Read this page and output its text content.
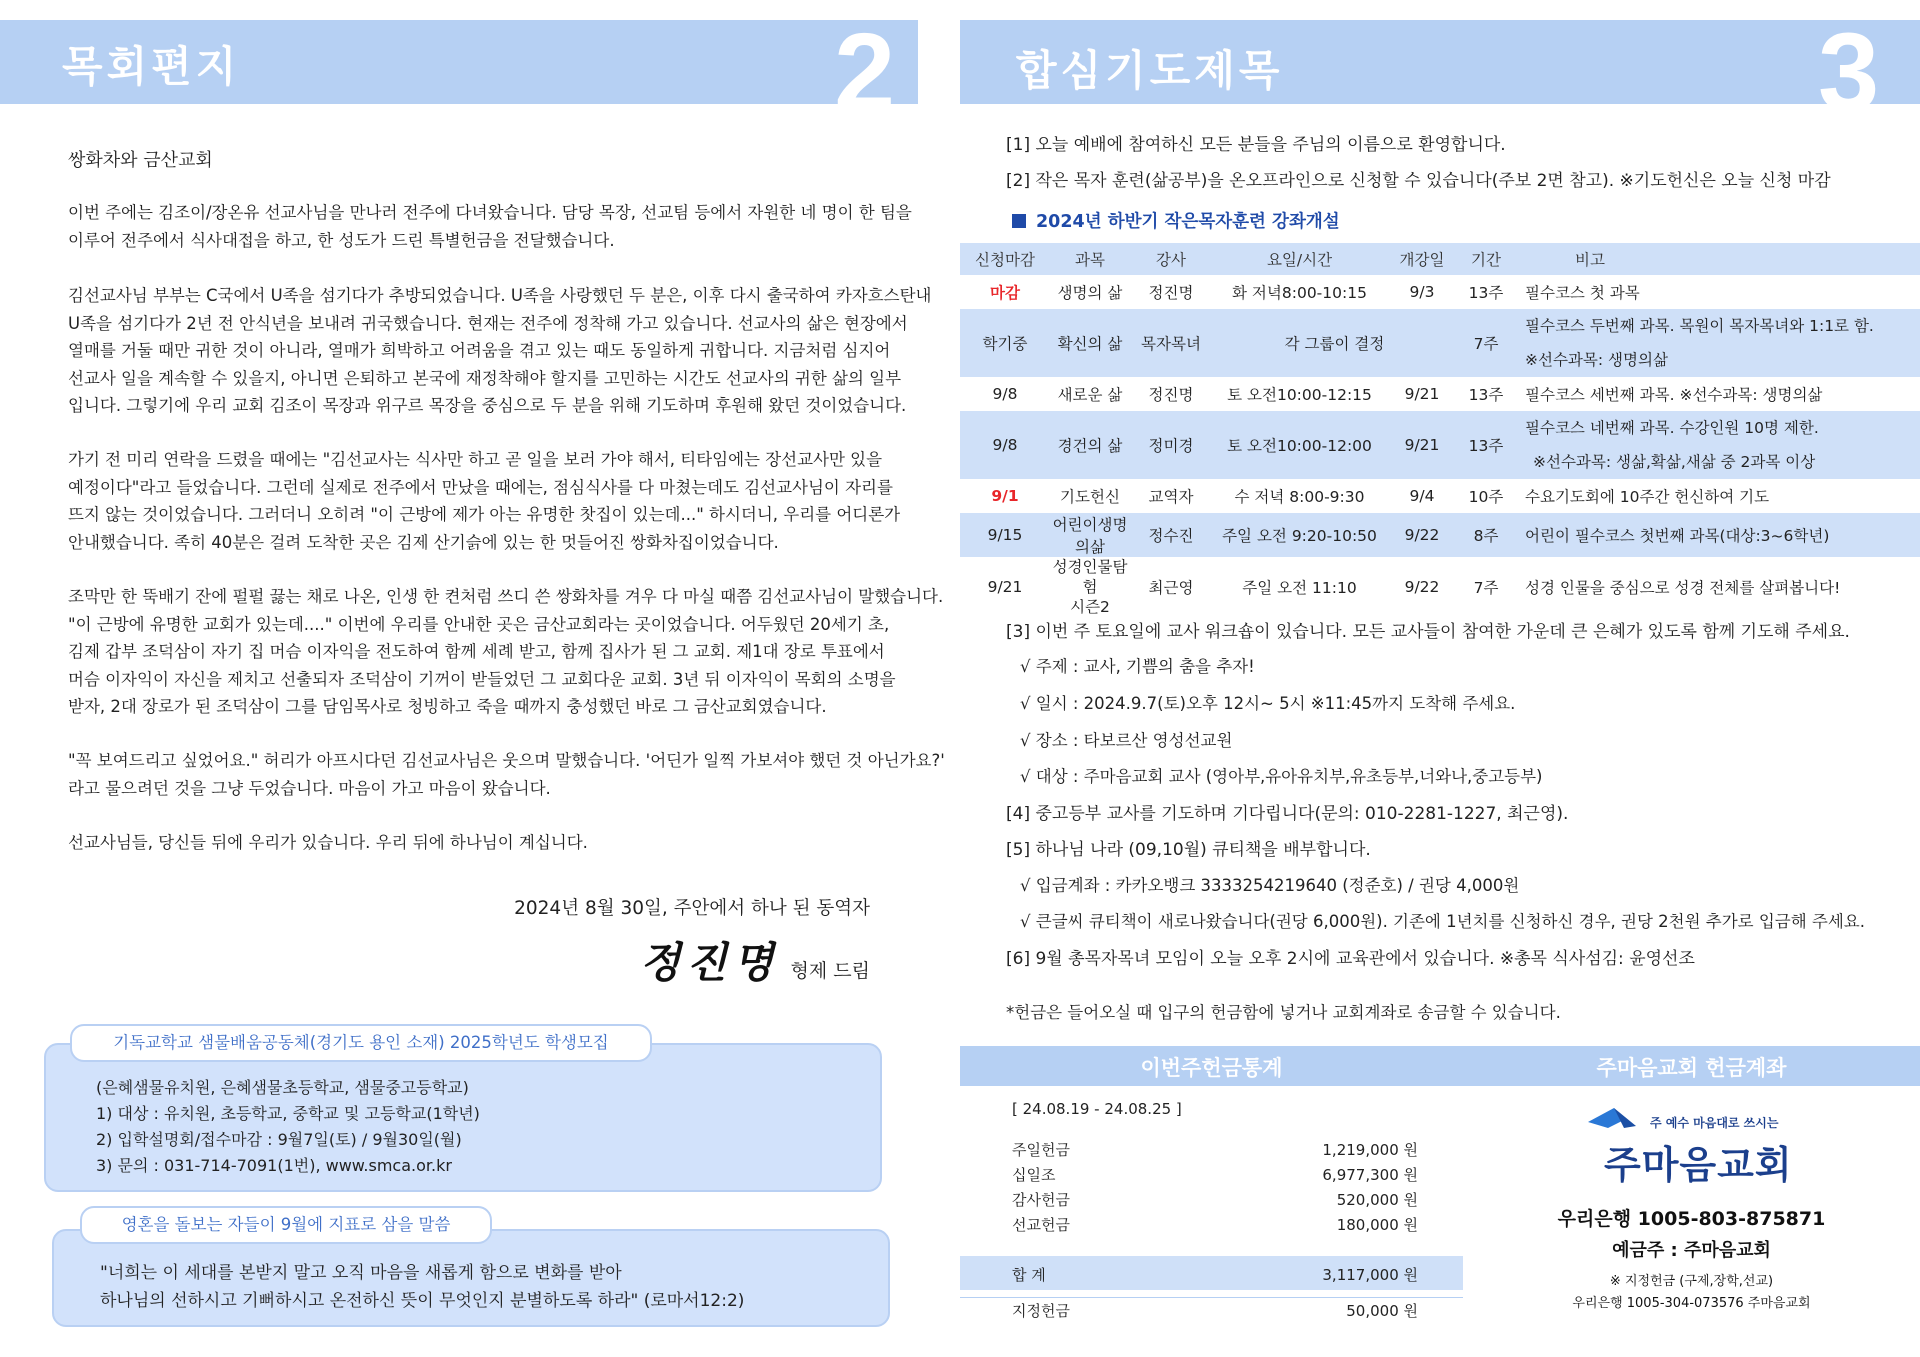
목회편지	2
쌍화차와 금산교회
이번 주에는 김조이/장온유 선교사님을 만나러 전주에 다녀왔습니다. 담당 목장, 선교팀 등에서 자원한 네 명이 한 팀을
이루어 전주에서 식사대접을 하고, 한 성도가 드린 특별헌금을 전달했습니다.
김선교사님 부부는 C국에서 U족을 섬기다가 추방되었습니다. U족을 사랑했던 두 분은, 이후 다시 출국하여 카자흐스탄내
U족을 섬기다가 2년 전 안식년을 보내려 귀국했습니다. 현재는 전주에 정착해 가고 있습니다. 선교사의 삶은 현장에서
열매를 거둘 때만 귀한 것이 아니라, 열매가 희박하고 어려움을 겪고 있는 때도 동일하게 귀합니다. 지금처럼 심지어
선교사 일을 계속할 수 있을지, 아니면 은퇴하고 본국에 재정착해야 할지를 고민하는 시간도 선교사의 귀한 삶의 일부
입니다. 그렇기에 우리 교회 김조이 목장과 위구르 목장을 중심으로 두 분을 위해 기도하며 후원해 왔던 것이었습니다.
가기 전 미리 연락을 드렸을 때에는 "김선교사는 식사만 하고 곧 일을 보러 가야 해서, 티타임에는 장선교사만 있을
예정이다"라고 들었습니다. 그런데 실제로 전주에서 만났을 때에는, 점심식사를 다 마쳤는데도 김선교사님이 자리를
뜨지 않는 것이었습니다. 그러더니 오히려 "이 근방에 제가 아는 유명한 찻집이 있는데..." 하시더니, 우리를 어디론가
안내했습니다. 족히 40분은 걸려 도착한 곳은 김제 산기슭에 있는 한 멋들어진 쌍화차집이었습니다.
조막만 한 뚝배기 잔에 펄펄 끓는 채로 나온, 인생 한 켠처럼 쓰디 쓴 쌍화차를 겨우 다 마실 때쯤 김선교사님이 말했습니다.
"이 근방에 유명한 교회가 있는데...." 이번에 우리를 안내한 곳은 금산교회라는 곳이었습니다. 어두웠던 20세기 초,
김제 갑부 조덕삼이 자기 집 머슴 이자익을 전도하여 함께 세례 받고, 함께 집사가 된 그 교회. 제1대 장로 투표에서
머슴 이자익이 자신을 제치고 선출되자 조덕삼이 기꺼이 받들었던 그 교회다운 교회. 3년 뒤 이자익이 목회의 소명을
받자, 2대 장로가 된 조덕삼이 그를 담임목사로 청빙하고 죽을 때까지 충성했던 바로 그 금산교회였습니다.
"꼭 보여드리고 싶었어요." 허리가 아프시다던 김선교사님은 웃으며 말했습니다. '어딘가 일찍 가보셔야 했던 것 아닌가요?'
라고 물으려던 것을 그냥 두었습니다. 마음이 가고 마음이 왔습니다.
선교사님들, 당신들 뒤에 우리가 있습니다. 우리 뒤에 하나님이 계십니다.
2024년 8월 30일, 주안에서 하나 된 동역자
정진명 형제 드림
기독교학교 샘물배움공동체(경기도 용인 소재) 2025학년도 학생모집
(은혜샘물유치원, 은혜샘물초등학교, 샘물중고등학교)
1) 대상 : 유치원, 초등학교, 중학교 및 고등학교(1학년)
2) 입학설명회/접수마감 : 9월7일(토) / 9월30일(월)
3) 문의 : 031-714-7091(1번), www.smca.or.kr
영혼을 돌보는 자들이 9월에 지표로 삼을 말씀
"너희는 이 세대를 본받지 말고 오직 마음을 새롭게 함으로 변화를 받아
하나님의 선하시고 기뻐하시고 온전하신 뜻이 무엇인지 분별하도록 하라" (로마서12:2)
합심기도제목	3
[1] 오늘 예배에 참여하신 모든 분들을 주님의 이름으로 환영합니다.
[2] 작은 목자 훈련(삶공부)을 온오프라인으로 신청할 수 있습니다(주보 2면 참고). ※기도헌신은 오늘 신청 마감
2024년 하반기 작은목자훈련 강좌개설
신청마감	과목	강사	요일/시간	개강일	기간	비고
마감	생명의 삶	정진명	화 저녁8:00-10:15	9/3	13주	필수코스 첫 과목
학기중	확신의 삶	목자목녀	각 그룹이 결정		7주	필수코스 두번째 과목. 목원이 목자목녀와 1:1로 함.
※선수과목: 생명의삶

9/8	새로운 삶	정진명	토 오전10:00-12:15	9/21	13주	필수코스 세번째 과목. ※선수과목: 생명의삶
9/8	경건의 삶	정미경	토 오전10:00-12:00	9/21	13주	필수코스 네번째 과목. 수강인원 10명 제한.
※선수과목: 생삶,확삶,새삶 중 2과목 이상

9/1	기도헌신	교역자	수 저녁 8:00-9:30	9/4	10주	수요기도회에 10주간 헌신하여 기도
9/15	어린이생명의삶	정수진	주일 오전 9:20-10:50	9/22	8주	어린이 필수코스 첫번째 과목(대상:3~6학년)
9/21	성경인물탐험
시즌2	최근영	주일 오전 11:10	9/22	7주	성경 인물을 중심으로 성경 전체를 살펴봅니다!
[3] 이번 주 토요일에 교사 워크숍이 있습니다. 모든 교사들이 참여한 가운데 큰 은혜가 있도록 함께 기도해 주세요.
√ 주제 : 교사, 기쁨의 춤을 추자!
√ 일시 : 2024.9.7(토)오후 12시~ 5시 ※11:45까지 도착해 주세요.
√ 장소 : 타보르산 영성선교원
√ 대상 : 주마음교회 교사 (영아부,유아유치부,유초등부,너와나,중고등부)
[4] 중고등부 교사를 기도하며 기다립니다(문의: 010-2281-1227, 최근영).
[5] 하나님 나라 (09,10월) 큐티책을 배부합니다.
√ 입금계좌 : 카카오뱅크 3333254219640 (정준호) / 권당 4,000원
√ 큰글씨 큐티책이 새로나왔습니다(권당 6,000원). 기존에 1년치를 신청하신 경우, 권당 2천원 추가로 입금해 주세요.
[6] 9월 총목자목녀 모임이 오늘 오후 2시에 교육관에서 있습니다. ※총목 식사섬김: 윤영선조
*헌금은 들어오실 때 입구의 헌금함에 넣거나 교회계좌로 송금할 수 있습니다.
이번주헌금통계
[ 24.08.19 - 24.08.25 ]
주일헌금	1,219,000 원
십일조	6,977,300 원
감사헌금	520,000 원
선교헌금	180,000 원
합 계	3,117,000 원
지정헌금	50,000 원
주마음교회 헌금계좌
주 예수 마음대로 쓰시는
주마음교회
우리은행 1005-803-875871
예금주 : 주마음교회
※ 지정헌금 (구제,장학,선교)
우리은행 1005-304-073576 주마음교회
